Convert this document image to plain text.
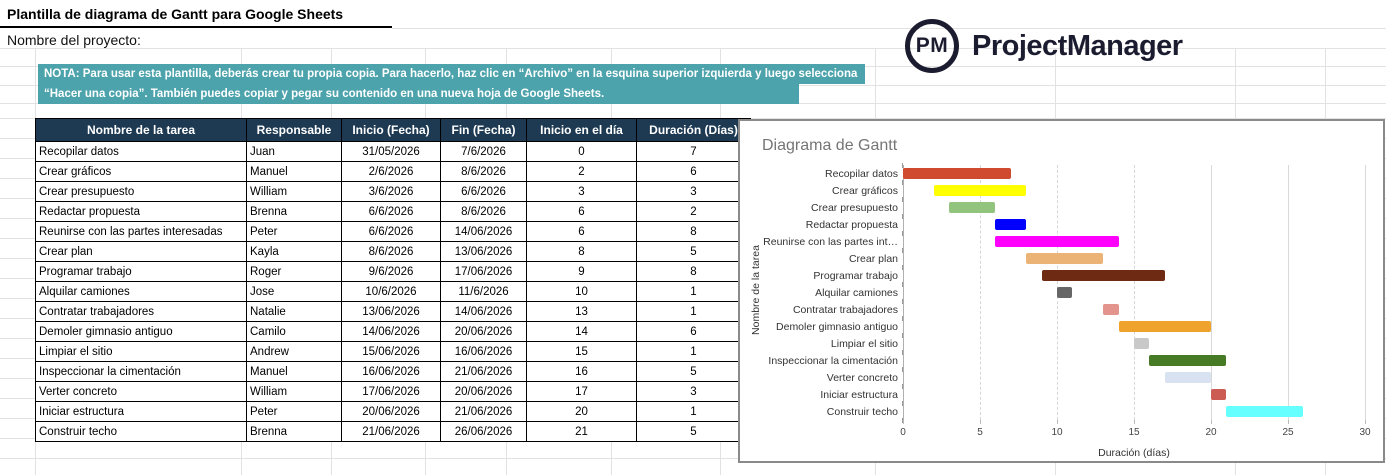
Plantilla de diagrama de Gantt para Google Sheets
Nombre del proyecto:
NOTA: Para usar esta plantilla, deberás crear tu propia copia. Para hacerlo, haz clic en “Archivo” en la esquina superior izquierda y luego selecciona
“Hacer una copia”. También puedes copiar y pegar su contenido en una nueva hoja de Google Sheets.
PM ProjectManager
Nombre de la tarea	Responsable	Inicio (Fecha)	Fin (Fecha)	Inicio en el día	Duración (Días)
Recopilar datos	Juan	31/05/2026	7/6/2026	0	7
Crear gráficos	Manuel	2/6/2026	8/6/2026	2	6
Crear presupuesto	William	3/6/2026	6/6/2026	3	3
Redactar propuesta	Brenna	6/6/2026	8/6/2026	6	2
Reunirse con las partes interesadas	Peter	6/6/2026	14/06/2026	6	8
Crear plan	Kayla	8/6/2026	13/06/2026	8	5
Programar trabajo	Roger	9/6/2026	17/06/2026	9	8
Alquilar camiones	Jose	10/6/2026	11/6/2026	10	1
Contratar trabajadores	Natalie	13/06/2026	14/06/2026	13	1
Demoler gimnasio antiguo	Camilo	14/06/2026	20/06/2026	14	6
Limpiar el sitio	Andrew	15/06/2026	16/06/2026	15	1
Inspeccionar la cimentación	Manuel	16/06/2026	21/06/2026	16	5
Verter concreto	William	17/06/2026	20/06/2026	17	3
Iniciar estructura	Peter	20/06/2026	21/06/2026	20	1
Construir techo	Brenna	21/06/2026	26/06/2026	21	5
Diagrama de Gantt
Nombre de la tarea
Recopilar datos
Crear gráficos
Crear presupuesto
Redactar propuesta
Reunirse con las partes int…
Crear plan
Programar trabajo
Alquilar camiones
Contratar trabajadores
Demoler gimnasio antiguo
Limpiar el sitio
Inspeccionar la cimentación
Verter concreto
Iniciar estructura
Construir techo
0	5	10	15	20	25	30
Duración (días)
